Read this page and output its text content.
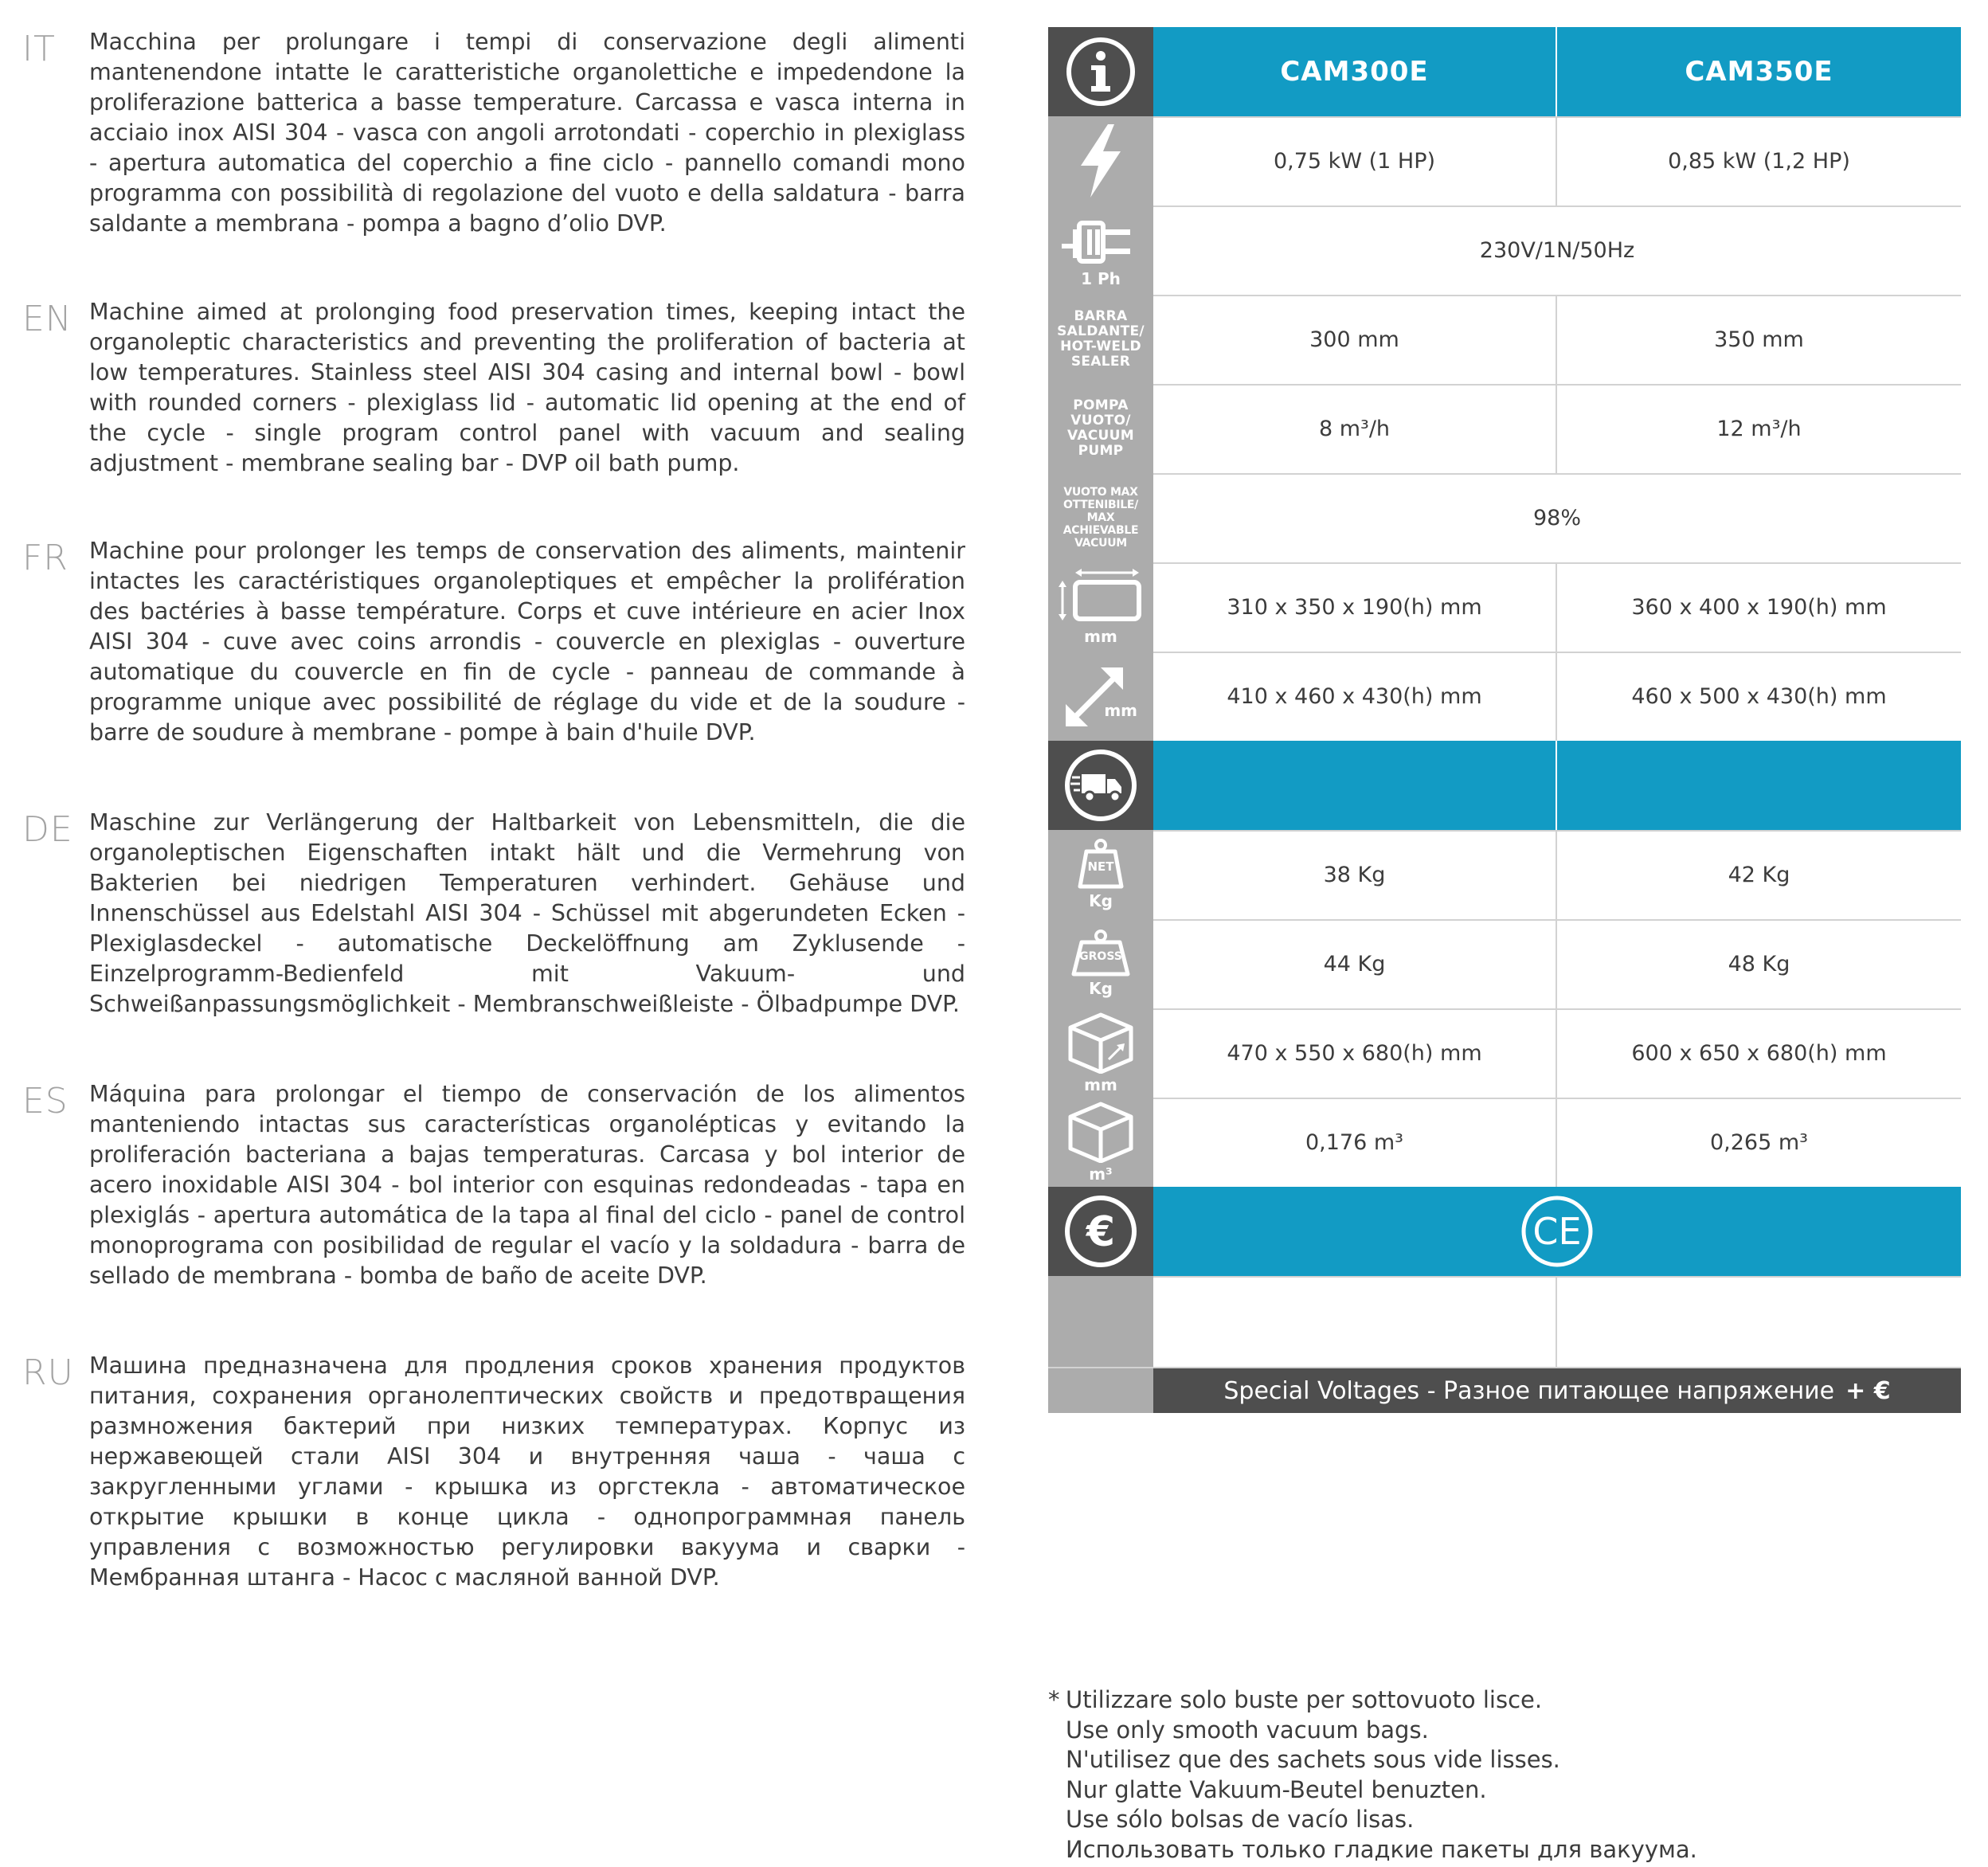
IT Macchina per prolungare i tempi di conservazione degli alimenti mantenendone intatte le caratteristiche organolettiche e impedendone la proliferazione batterica a basse temperature. Carcassa e vasca interna in acciaio inox AISI 304 - vasca con angoli arrotondati - coperchio in plexiglass - apertura automatica del coperchio a fine ciclo - pannello comandi mono programma con possibilità di regolazione del vuoto e della saldatura - barra saldante a membrana - pompa a bagno d’olio DVP.

EN Machine aimed at prolonging food preservation times, keeping intact the organoleptic characteristics and preventing the proliferation of bacteria at low temperatures. Stainless steel AISI 304 casing and internal bowl - bowl with rounded corners - plexiglass lid - automatic lid opening at the end of the cycle - single program control panel with vacuum and sealing adjustment - membrane sealing bar - DVP oil bath pump.

FR Machine pour prolonger les temps de conservation des aliments, maintenir intactes les caractéristiques organoleptiques et empêcher la prolifération des bactéries à basse température. Corps et cuve intérieure en acier Inox AISI 304 - cuve avec coins arrondis - couvercle en plexiglas - ouverture automatique du couvercle en fin de cycle - panneau de commande à programme unique avec possibilité de réglage du vide et de la soudure - barre de soudure à membrane - pompe à bain d'huile DVP.

DE Maschine zur Verlängerung der Haltbarkeit von Lebensmitteln, die die organoleptischen Eigenschaften intakt hält und die Vermehrung von Bakterien bei niedrigen Temperaturen verhindert. Gehäuse und Innenschüssel aus Edelstahl AISI 304 - Schüssel mit abgerundeten Ecken - Plexiglasdeckel - automatische Deckelöffnung am Zyklusende - Einzelprogramm-Bedienfeld mit Vakuum- und Schweißanpassungsmöglichkeit - Membranschweißleiste - Ölbadpumpe DVP.

ES Máquina para prolongar el tiempo de conservación de los alimentos manteniendo intactas sus características organolépticas y evitando la proliferación bacteriana a bajas temperaturas. Carcasa y bol interior de acero inoxidable AISI 304 - bol interior con esquinas redondeadas - tapa en plexiglás - apertura automática de la tapa al final del ciclo - panel de control monoprograma con posibilidad de regular el vacío y la soldadura - barra de sellado de membrana - bomba de baño de aceite DVP.

RU Машина предназначена для продления сроков хранения продуктов питания, сохранения органолептических свойств и предотвращения размножения бактерий при низких температурах. Корпус из нержавеющей стали AISI 304 и внутренняя чаша - чаша с закругленными углами - крышка из оргстекла - автоматическое открытие крышки в конце цикла - однопрограммная панель управления с возможностью регулировки вакуума и сварки - Мембранная штанга - Насос с масляной ванной DVP.

CAM300E	CAM350E
0,75 kW (1 HP)	0,85 kW (1,2 HP)
1 Ph
230V/1N/50Hz
BARRA SALDANTE/ HOT-WELD SEALER
300 mm	350 mm
POMPA VUOTO/ VACUUM PUMP
8 m³/h	12 m³/h
VUOTO MAX OTTENIBILE/ MAX ACHIEVABLE VACUUM
98%
mm
310 x 350 x 190(h) mm	360 x 400 x 190(h) mm
mm
410 x 460 x 430(h) mm	460 x 500 x 430(h) mm
NET
Kg
38 Kg	42 Kg
GROSS
Kg
44 Kg	48 Kg
mm
470 x 550 x 680(h) mm	600 x 650 x 680(h) mm
m³
0,176 m³	0,265 m³
€	CE
Special Voltages - Разное питающее напряжение + €
* Utilizzare solo buste per sottovuoto lisce.
Use only smooth vacuum bags.
N'utilisez que des sachets sous vide lisses.
Nur glatte Vakuum-Beutel benuzten.
Use sólo bolsas de vacío lisas.
Использовать только гладкие пакеты для вакуума.
